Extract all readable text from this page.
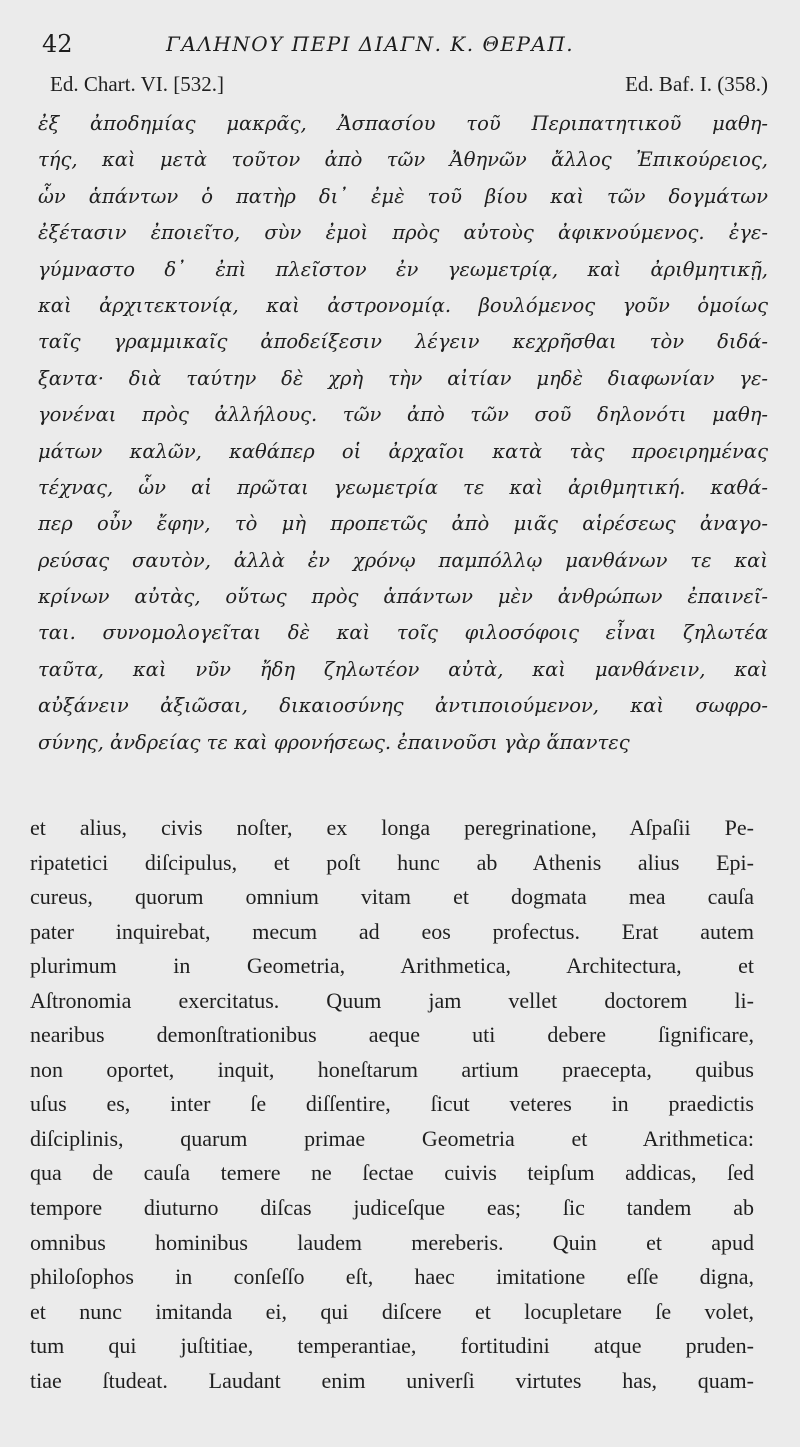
42	ΓΑΛΗΝΟΥ ΠΕΡΙ ΔΙΑΓΝ. Κ. ΘΕΡΑΠ.
Ed. Chart. VI. [532.]	Ed. Baf. I. (358.)
ἐξ ἀποδημίας μακρᾶς, Ἀσπασίου τοῦ Περιπατητικοῦ μαθη-
τής, καὶ μετὰ τοῦτον ἀπὸ τῶν Ἀθηνῶν ἄλλος Ἐπικούρειος,
ὧν ἁπάντων ὁ πατὴρ δι᾽ ἐμὲ τοῦ βίου καὶ τῶν δογμάτων
ἐξέτασιν ἐποιεῖτο, σὺν ἐμοὶ πρὸς αὐτοὺς ἀφικνούμενος. ἐγε-
γύμναστο δ᾽ ἐπὶ πλεῖστον ἐν γεωμετρίᾳ, καὶ ἀριθμητικῇ,
καὶ ἀρχιτεκτονίᾳ, καὶ ἀστρονομίᾳ. βουλόμενος γοῦν ὁμοίως
ταῖς γραμμικαῖς ἀποδείξεσιν λέγειν κεχρῆσθαι τὸν διδά-
ξαντα· διὰ ταύτην δὲ χρὴ τὴν αἰτίαν μηδὲ διαφωνίαν γε-
γονέναι πρὸς ἀλλήλους. τῶν ἀπὸ τῶν σοῦ δηλονότι μαθη-
μάτων καλῶν, καθάπερ οἱ ἀρχαῖοι κατὰ τὰς προειρημένας
τέχνας, ὧν αἱ πρῶται γεωμετρία τε καὶ ἀριθμητική. καθά-
περ οὖν ἔφην, τὸ μὴ προπετῶς ἀπὸ μιᾶς αἱρέσεως ἀναγο-
ρεύσας σαυτὸν, ἀλλὰ ἐν χρόνῳ παμπόλλῳ μανθάνων τε καὶ
κρίνων αὐτὰς, οὕτως πρὸς ἁπάντων μὲν ἀνθρώπων ἐπαινεῖ-
ται. συνομολογεῖται δὲ καὶ τοῖς φιλοσόφοις εἶναι ζηλωτέα
ταῦτα, καὶ νῦν ἤδη ζηλωτέον αὐτὰ, καὶ μανθάνειν, καὶ
αὐξάνειν ἀξιῶσαι, δικαιοσύνης ἀντιποιούμενον, καὶ σωφρο-
σύνης, ἀνδρείας τε καὶ φρονήσεως. ἐπαινοῦσι γὰρ ἅπαντες
et alius, civis noſter, ex longa peregrinatione, Aſpaſii Pe-
ripatetici diſcipulus, et poſt hunc ab Athenis alius Epi-
cureus, quorum omnium vitam et dogmata mea cauſa
pater inquirebat, mecum ad eos profectus. Erat autem
plurimum in Geometria, Arithmetica, Architectura, et
Aſtronomia exercitatus. Quum jam vellet doctorem li-
nearibus demonſtrationibus aeque uti debere ſignificare,
non oportet, inquit, honeſtarum artium praecepta, quibus
uſus es, inter ſe diſſentire, ſicut veteres in praedictis
diſciplinis, quarum primae Geometria et Arithmetica:
qua de cauſa temere ne ſectae cuivis teipſum addicas, ſed
tempore diuturno diſcas judiceſque eas; ſic tandem ab
omnibus hominibus laudem mereberis. Quin et apud
philoſophos in conſeſſo eſt, haec imitatione eſſe digna,
et nunc imitanda ei, qui diſcere et locupletare ſe volet,
tum qui juſtitiae, temperantiae, fortitudini atque pruden-
tiae ſtudeat. Laudant enim univerſi virtutes has, quam-
